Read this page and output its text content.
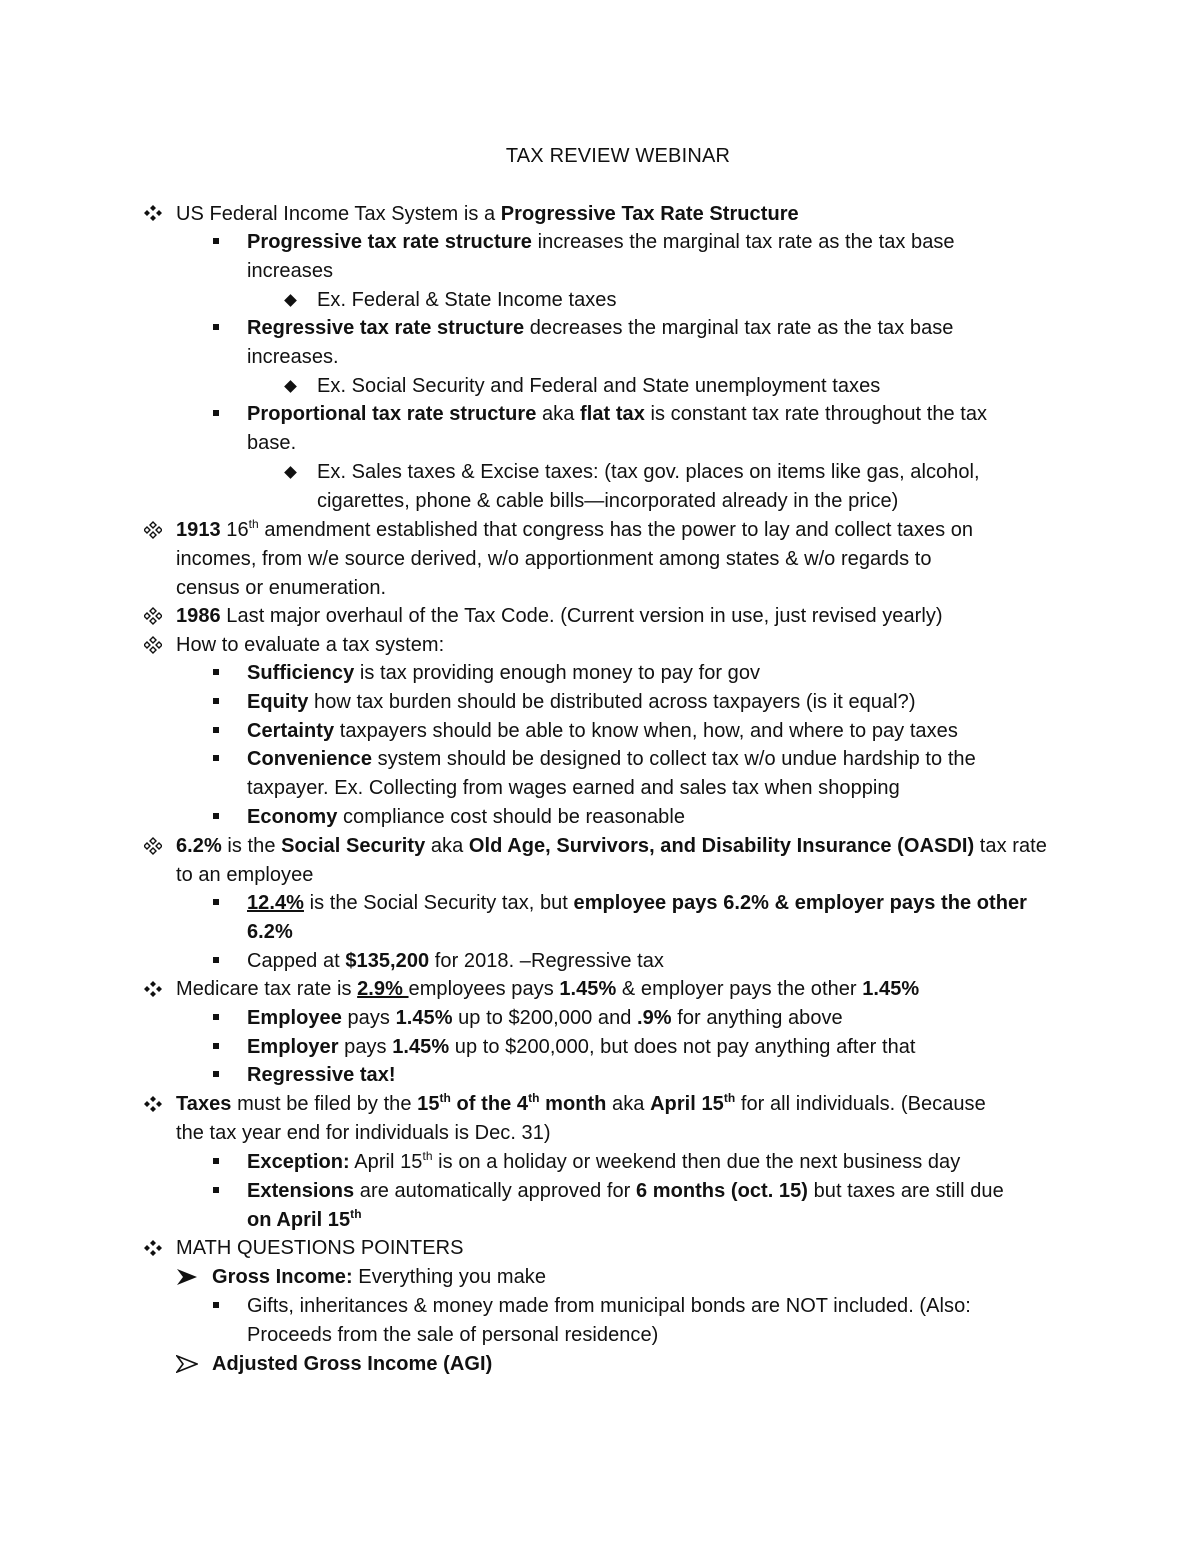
TAX REVIEW WEBINAR
US Federal Income Tax System is a Progressive Tax Rate Structure
Progressive tax rate structure increases the marginal tax rate as the tax base
increases
Ex. Federal & State Income taxes
Regressive tax rate structure decreases the marginal tax rate as the tax base
increases.
Ex. Social Security and Federal and State unemployment taxes
Proportional tax rate structure aka flat tax is constant tax rate throughout the tax
base.
Ex. Sales taxes & Excise taxes: (tax gov. places on items like gas, alcohol,
cigarettes, phone & cable bills—incorporated already in the price)
1913 16th amendment established that congress has the power to lay and collect taxes on
incomes, from w/e source derived, w/o apportionment among states & w/o regards to
census or enumeration.
1986 Last major overhaul of the Tax Code. (Current version in use, just revised yearly)
How to evaluate a tax system:
Sufficiency is tax providing enough money to pay for gov
Equity how tax burden should be distributed across taxpayers (is it equal?)
Certainty taxpayers should be able to know when, how, and where to pay taxes
Convenience system should be designed to collect tax w/o undue hardship to the
taxpayer. Ex. Collecting from wages earned and sales tax when shopping
Economy compliance cost should be reasonable
6.2% is the Social Security aka Old Age, Survivors, and Disability Insurance (OASDI) tax rate
to an employee
12.4% is the Social Security tax, but employee pays 6.2% & employer pays the other
6.2%
Capped at $135,200 for 2018. –Regressive tax
Medicare tax rate is 2.9% employees pays 1.45% & employer pays the other 1.45%
Employee pays 1.45% up to $200,000 and .9% for anything above
Employer pays 1.45% up to $200,000, but does not pay anything after that
Regressive tax!
Taxes must be filed by the 15th of the 4th month aka April 15th for all individuals. (Because
the tax year end for individuals is Dec. 31)
Exception: April 15th is on a holiday or weekend then due the next business day
Extensions are automatically approved for 6 months (oct. 15) but taxes are still due
on April 15th
MATH QUESTIONS POINTERS
Gross Income: Everything you make
Gifts, inheritances & money made from municipal bonds are NOT included. (Also:
Proceeds from the sale of personal residence)
Adjusted Gross Income (AGI)
